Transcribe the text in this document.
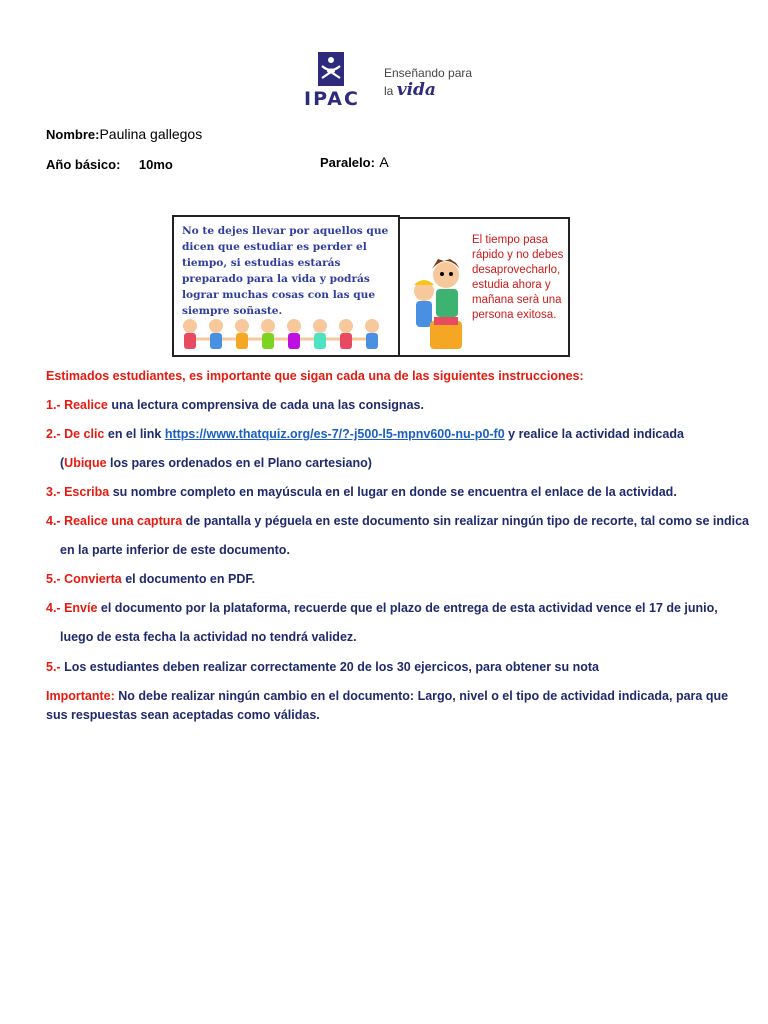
IPAC
Enseñando para
la vida
Nombre:Paulina gallegos
Año básico: 10mo	Paralelo: A
No te dejes llevar por aquellos que dicen que estudiar es perder el tiempo, si estudias estarás preparado para la vida y podrás lograr muchas cosas con las que siempre soñaste.
El tiempo pasa rápido y no debes desaprovecharlo, estudia ahora y mañana serà una persona exitosa.
Estimados estudiantes, es importante que sigan cada una de las siguientes instrucciones:
1.- Realice una lectura comprensiva de cada una las consignas.
2.- De clic en el link https://www.thatquiz.org/es-7/?-j500-l5-mpnv600-nu-p0-f0 y realice la actividad indicada
(Ubique los pares ordenados en el Plano cartesiano)
3.- Escriba su nombre completo en mayúscula en el lugar en donde se encuentra el enlace de la actividad.
4.- Realice una captura de pantalla y péguela en este documento sin realizar ningún tipo de recorte, tal como se indica
en la parte inferior de este documento.
5.- Convierta el documento en PDF.
4.- Envíe el documento por la plataforma, recuerde que el plazo de entrega de esta actividad vence el 17 de junio,
luego de esta fecha la actividad no tendrá validez.
5.- Los estudiantes deben realizar correctamente 20 de los 30 ejercicos, para obtener su nota
Importante: No debe realizar ningún cambio en el documento: Largo, nivel o el tipo de actividad indicada, para que
sus respuestas sean aceptadas como válidas.
